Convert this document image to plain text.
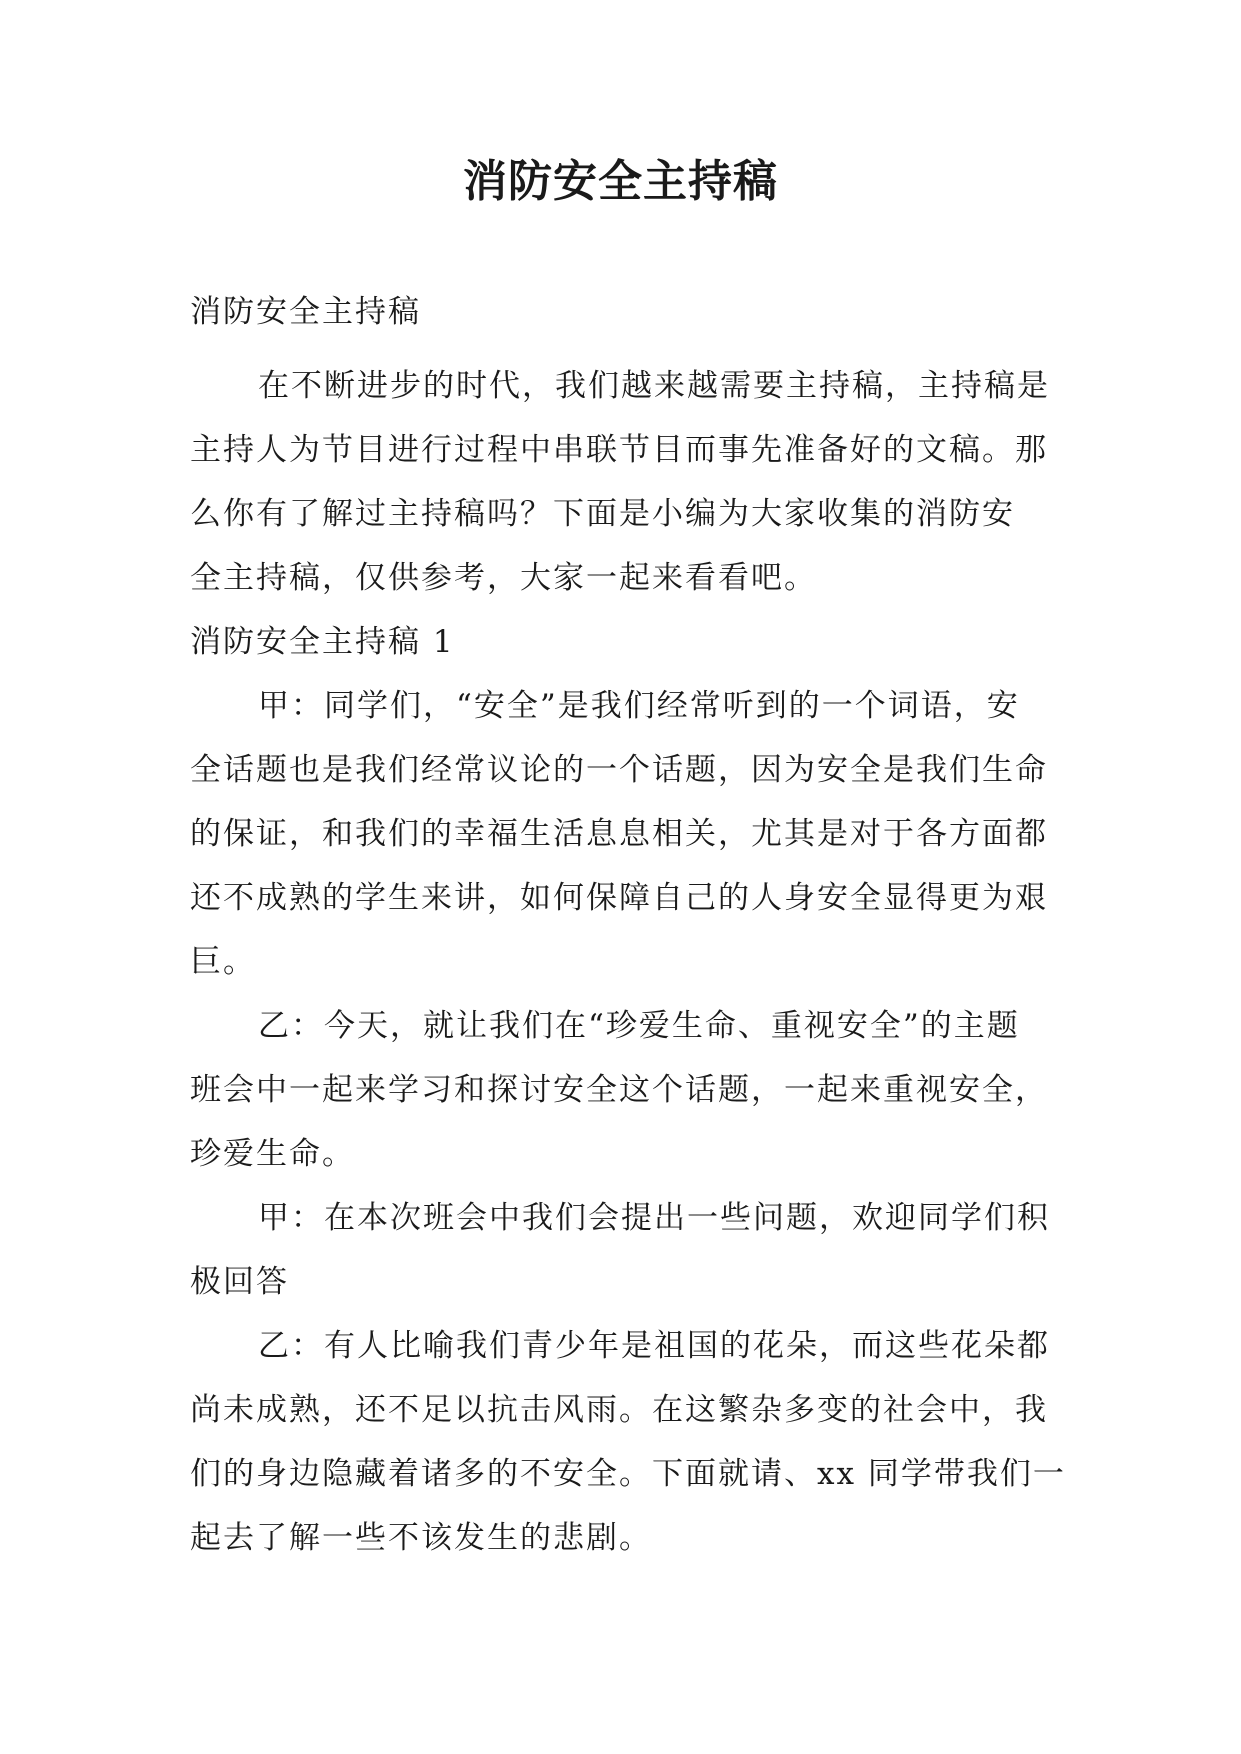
消防安全主持稿
消防安全主持稿
在不断进步的时代，我们越来越需要主持稿，主持稿是
主持人为节目进行过程中串联节目而事先准备好的文稿。那
么你有了解过主持稿吗？下面是小编为大家收集的消防安
全主持稿，仅供参考，大家一起来看看吧。
消防安全主持稿 1
甲：同学们，“安全”是我们经常听到的一个词语，安
全话题也是我们经常议论的一个话题，因为安全是我们生命
的保证，和我们的幸福生活息息相关，尤其是对于各方面都
还不成熟的学生来讲，如何保障自己的人身安全显得更为艰
巨。
乙：今天，就让我们在“珍爱生命、重视安全”的主题
班会中一起来学习和探讨安全这个话题，一起来重视安全，
珍爱生命。
甲：在本次班会中我们会提出一些问题，欢迎同学们积
极回答
乙：有人比喻我们青少年是祖国的花朵，而这些花朵都
尚未成熟，还不足以抗击风雨。在这繁杂多变的社会中，我
们的身边隐藏着诸多的不安全。下面就请、xx 同学带我们一
起去了解一些不该发生的悲剧。
